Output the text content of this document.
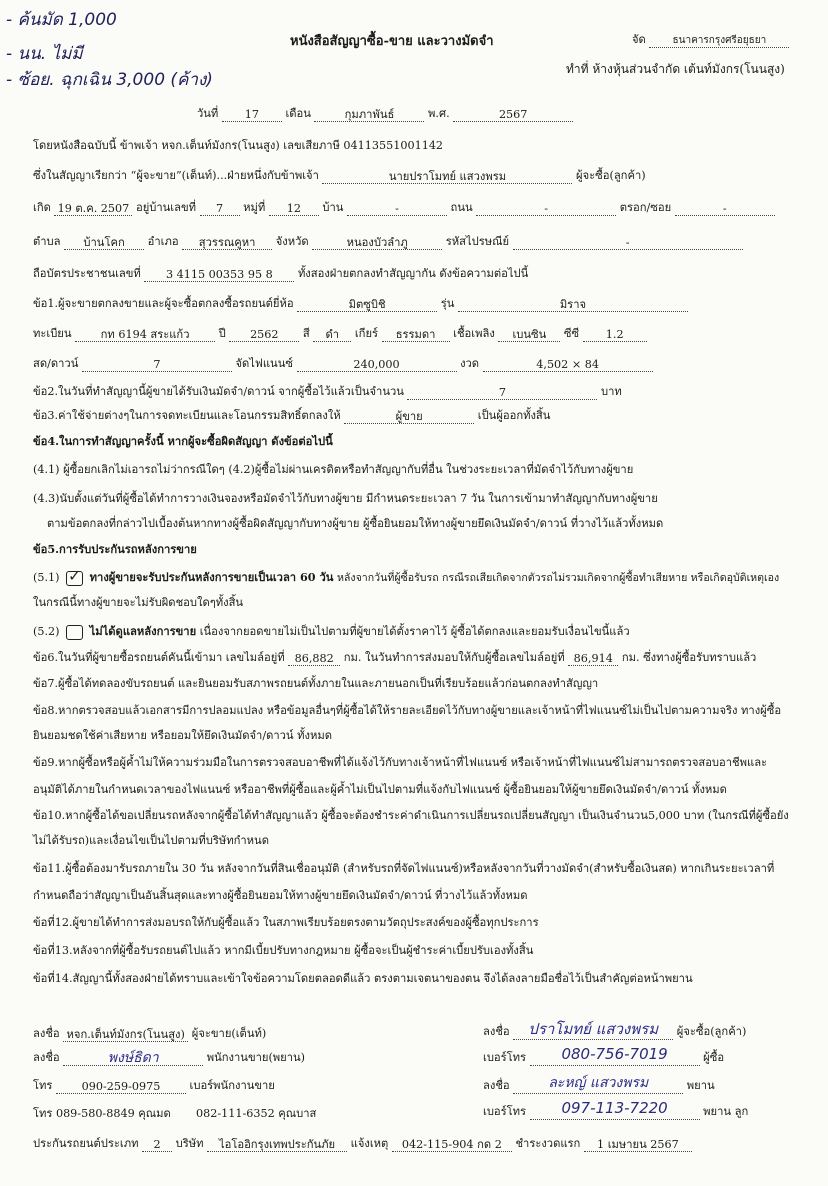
- ค้นมัด 1,000
- นน. ไม่มี
- ซ้อย. ฉุกเฉิน 3,000 (ค้าง)
หนังสือสัญญาซื้อ-ขาย และวางมัดจำ	จัด	ธนาคารกรุงศรีอยุธยา
ทำที่ ห้างหุ้นส่วนจำกัด เต้นท์มังกร(โนนสูง)
วันที่ 17 เดือน	กุมภาพันธ์	พ.ศ.	2567
โดยหนังสือฉบับนี้ ข้าพเจ้า หจก.เต็นท์มังกร(โนนสูง) เลขเสียภาษี 04113551001142
ซึ่งในสัญญาเรียกว่า “ผู้จะขาย”(เต็นท์)...ฝ่ายหนึ่งกับข้าพเจ้า	นายปราโมทย์ แสวงพรม	ผู้จะซื้อ(ลูกค้า)
เกิด 19 ต.ค. 2507 อยู่บ้านเลขที่ 7 หมู่ที่ 12 บ้าน	-	ถนน	-	ตรอก/ซอย	-
ตำบล บ้านโคก อำเภอ สุวรรณคูหา จังหวัด	หนองบัวลำภู	รหัสไปรษณีย์	-
ถือบัตรประชาชนเลขที่ 3 4115 00353 95 8 ทั้งสองฝ่ายตกลงทำสัญญากัน ดังข้อความต่อไปนี้
ข้อ1.ผู้จะขายตกลงขายและผู้จะซื้อตกลงซื้อรถยนต์ยี่ห้อ	มิตซูบิชิ	รุ่น	มิราจ
ทะเบียน	กท 6194 สระแก้ว	ปี 2562 สี ดำ เกียร์ ธรรมดา เชื้อเพลิง เบนซิน ซีซี 1.2
สด/ดาวน์	7	จัดไฟแนนซ์	240,000	งวด	4,502 × 84
ข้อ2.ในวันที่ทำสัญญานี้ผู้ขายได้รับเงินมัดจำ/ดาวน์ จากผู้ซื้อไว้แล้วเป็นจำนวน	7	บาท
ข้อ3.ค่าใช้จ่ายต่างๆในการจดทะเบียนและโอนกรรมสิทธิ์ตกลงให้	ผู้ขาย	เป็นผู้ออกทั้งสิ้น
ข้อ4.ในการทำสัญญาครั้งนี้ หากผู้จะซื้อผิดสัญญา ดังข้อต่อไปนี้
(4.1) ผู้ซื้อยกเลิกไม่เอารถไม่ว่ากรณีใดๆ (4.2)ผู้ซื้อไม่ผ่านเครดิตหรือทำสัญญากับที่อื่น ในช่วงระยะเวลาที่มัดจำไว้กับทางผู้ขาย
(4.3)นับตั้งแต่วันที่ผู้ซื้อได้ทำการวางเงินจองหรือมัดจำไว้กับทางผู้ขาย มีกำหนดระยะเวลา 7 วัน ในการเข้ามาทำสัญญากับทางผู้ขาย
ตามข้อตกลงที่กล่าวไปเบื้องต้นหากทางผู้ซื้อผิดสัญญากับทางผู้ขาย ผู้ซื้อยินยอมให้ทางผู้ขายยึดเงินมัดจำ/ดาวน์ ที่วางไว้แล้วทั้งหมด
ข้อ5.การรับประกันรถหลังการขาย
(5.1) ✓ ทางผู้ขายจะรับประกันหลังการขายเป็นเวลา 60 วัน หลังจากวันที่ผู้ซื้อรับรถ กรณีรถเสียเกิดจากตัวรถไม่รวมเกิดจากผู้ซื้อทำเสียหาย หรือเกิดอุบัติเหตุเอง
ในกรณีนี้ทางผู้ขายจะไม่รับผิดชอบใดๆทั้งสิ้น
(5.2)	ไม่ได้ดูแลหลังการขาย เนื่องจากยอดขายไม่เป็นไปตามที่ผู้ขายได้ตั้งราคาไว้ ผู้ซื้อได้ตกลงและยอมรับเงื่อนไขนี้แล้ว
ข้อ6.ในวันที่ผู้ขายซื้อรถยนต์คันนี้เข้ามา เลขไมล์อยู่ที่ 86,882 กม. ในวันทำการส่งมอบให้กับผู้ซื้อเลขไมล์อยู่ที่ 86,914 กม. ซึ่งทางผู้ซื้อรับทราบแล้ว
ข้อ7.ผู้ซื้อได้ทดลองขับรถยนต์ และยินยอมรับสภาพรถยนต์ทั้งภายในและภายนอกเป็นที่เรียบร้อยแล้วก่อนตกลงทำสัญญา
ข้อ8.หากตรวจสอบแล้วเอกสารมีการปลอมแปลง หรือข้อมูลอื่นๆที่ผู้ซื้อได้ให้รายละเอียดไว้กับทางผู้ขายและเจ้าหน้าที่ไฟแนนซ์ไม่เป็นไปตามความจริง ทางผู้ซื้อ
ยินยอมชดใช้ค่าเสียหาย หรือยอมให้ยึดเงินมัดจำ/ดาวน์ ทั้งหมด
ข้อ9.หากผู้ซื้อหรือผู้ค้ำไม่ให้ความร่วมมือในการตรวจสอบอาชีพที่ได้แจ้งไว้กับทางเจ้าหน้าที่ไฟแนนซ์ หรือเจ้าหน้าที่ไฟแนนซ์ไม่สามารถตรวจสอบอาชีพและ
อนุมัติได้ภายในกำหนดเวลาของไฟแนนซ์ หรืออาชีพที่ผู้ซื้อและผู้ค้ำไม่เป็นไปตามที่แจ้งกับไฟแนนซ์ ผู้ซื้อยินยอมให้ผู้ขายยึดเงินมัดจำ/ดาวน์ ทั้งหมด
ข้อ10.หากผู้ซื้อได้ขอเปลี่ยนรถหลังจากผู้ซื้อได้ทำสัญญาแล้ว ผู้ซื้อจะต้องชำระค่าดำเนินการเปลี่ยนรถเปลี่ยนสัญญา เป็นเงินจำนวน5,000 บาท (ในกรณีที่ผู้ซื้อยัง
ไม่ได้รับรถ)และเงื่อนไขเป็นไปตามที่บริษัทกำหนด
ข้อ11.ผู้ซื้อต้องมารับรถภายใน 30 วัน หลังจากวันที่สินเชื่ออนุมัติ (สำหรับรถที่จัดไฟแนนซ์)หรือหลังจากวันที่วางมัดจำ(สำหรับซื้อเงินสด) หากเกินระยะเวลาที่
กำหนดถือว่าสัญญาเป็นอันสิ้นสุดและทางผู้ซื้อยินยอมให้ทางผู้ขายยึดเงินมัดจำ/ดาวน์ ที่วางไว้แล้วทั้งหมด
ข้อที่12.ผู้ขายได้ทำการส่งมอบรถให้กับผู้ซื้อแล้ว ในสภาพเรียบร้อยตรงตามวัตถุประสงค์ของผู้ซื้อทุกประการ
ข้อที่13.หลังจากที่ผู้ซื้อรับรถยนต์ไปแล้ว หากมีเบี้ยปรับทางกฎหมาย ผู้ซื้อจะเป็นผู้ชำระค่าเบี้ยปรับเองทั้งสิ้น
ข้อที่14.สัญญานี้ทั้งสองฝ่ายได้ทราบและเข้าใจข้อความโดยตลอดดีแล้ว ตรงตามเจตนาของตน จึงได้ลงลายมือชื่อไว้เป็นสำคัญต่อหน้าพยาน
ลงชื่อ หจก.เต็นท์มังกร(โนนสูง) ผู้จะขาย(เต็นท์)
ลงชื่อ	พงษ์ธิดา	พนักงานขาย(พยาน)
โทร	090-259-0975	เบอร์พนักงานขาย
โทร 089-580-8849 คุณมด 082-111-6352 คุณบาส
ลงชื่อ ปราโมทย์ แสวงพรม ผู้จะซื้อ(ลูกค้า)
เบอร์โทร 080-756-7019	ผู้ซื้อ
ลงชื่อ	ละหญ์ แสวงพรม	พยาน
เบอร์โทร 097-113-7220	พยาน ลูก
ประกันรถยนต์ประเภท 2 บริษัท ไอโออิกรุงเทพประกันภัย แจ้งเหตุ 042-115-904 กด 2 ชำระงวดแรก 1 เมษายน 2567
